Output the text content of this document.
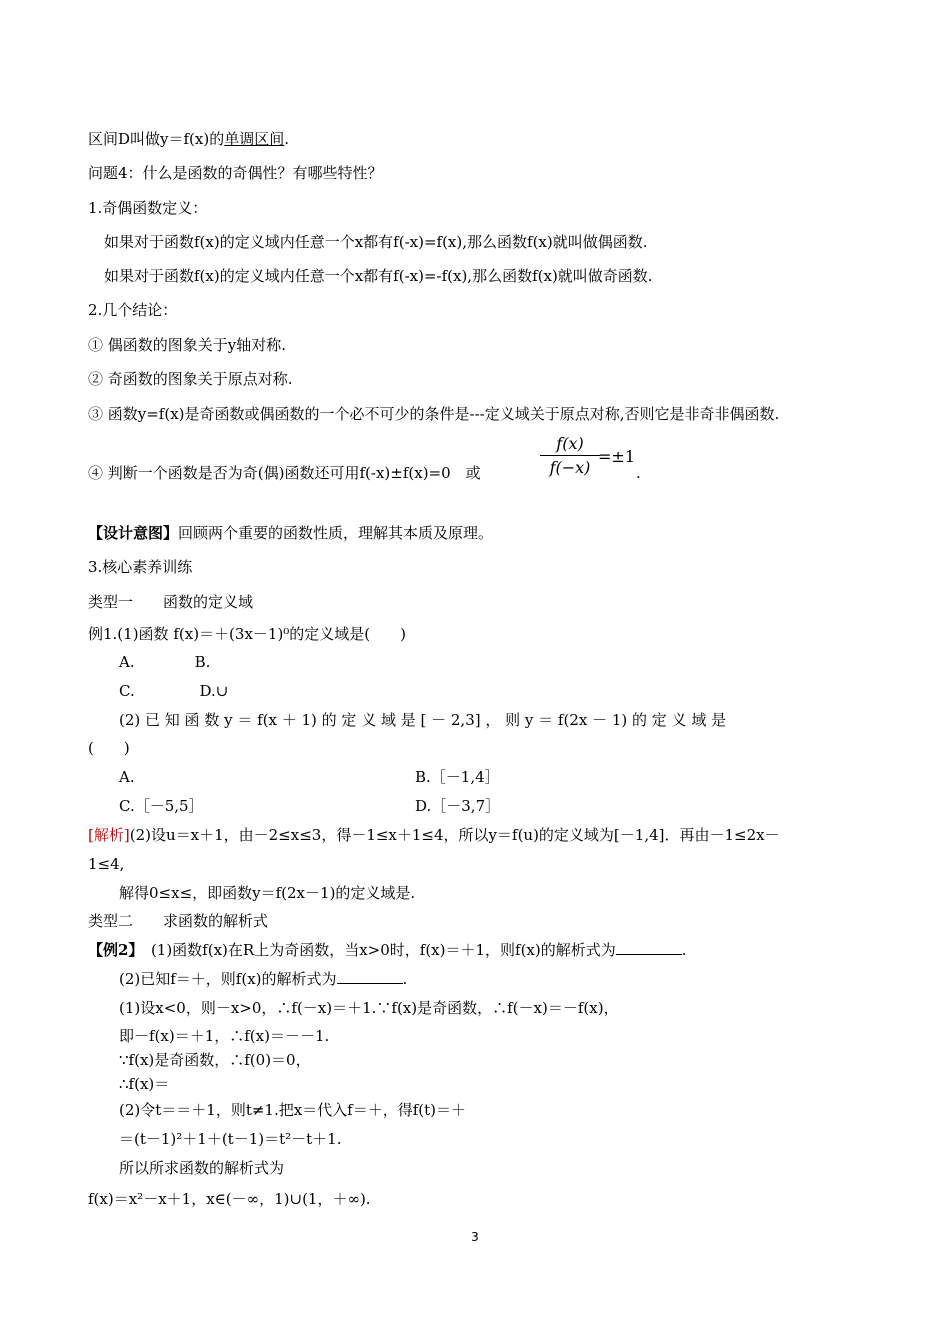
区间D叫做y＝f(x)的单调区间.
问题4：什么是函数的奇偶性？有哪些特性？
1.奇偶函数定义：
如果对于函数f(x)的定义域内任意一个x都有f(-x)=f(x),那么函数f(x)就叫做偶函数.
如果对于函数f(x)的定义域内任意一个x都有f(-x)=-f(x),那么函数f(x)就叫做奇函数.
2.几个结论：
① 偶函数的图象关于y轴对称.
② 奇函数的图象关于原点对称.
③ 函数y=f(x)是奇函数或偶函数的一个必不可少的条件是---定义域关于原点对称,否则它是非奇非偶函数.
④ 判断一个函数是否为奇(偶)函数还可用f(-x)±f(x)=0　或	$\frac{f(x)}{f(-x)}$
=±1
.
【设计意图】回顾两个重要的函数性质，理解其本质及原理。
3.核心素养训练
类型一　　函数的定义域
例1.(1)函数 f(x)＝＋(3x－1)⁰的定义域是(　　)
A.　　　　B.
C.　　　　 D.∪
(2) 已 知 函 数 y ＝ f(x ＋ 1) 的 定 义 域 是 [ － 2,3] ， 则 y ＝ f(2x － 1) 的 定 义 域 是
(　　)
A.	B.［－1,4］
C.［－5,5］	D.［－3,7］
[解析](2)设u＝x＋1，由－2≤x≤3，得－1≤x＋1≤4，所以y＝f(u)的定义域为[－1,4]．再由－1≤2x－
1≤4,
解得0≤x≤，即函数y＝f(2x－1)的定义域是.
类型二　　求函数的解析式
【例2】　(1)函数f(x)在R上为奇函数，当x>0时，f(x)＝＋1，则f(x)的解析式为	.
(2)已知f＝＋，则f(x)的解析式为	.
(1)设x<0，则－x>0，∴f(－x)＝＋1.∵f(x)是奇函数，∴f(－x)＝－f(x)，
即－f(x)＝＋1，∴f(x)＝－－1.
∵f(x)是奇函数，∴f(0)＝0，
∴f(x)＝
(2)令t＝＝＋1，则t≠1.把x＝代入f＝＋，得f(t)＝＋
＝(t－1)²＋1＋(t－1)＝t²－t＋1.
所以所求函数的解析式为
f(x)＝x²－x＋1，x∈(－∞，1)∪(1，＋∞).
3
